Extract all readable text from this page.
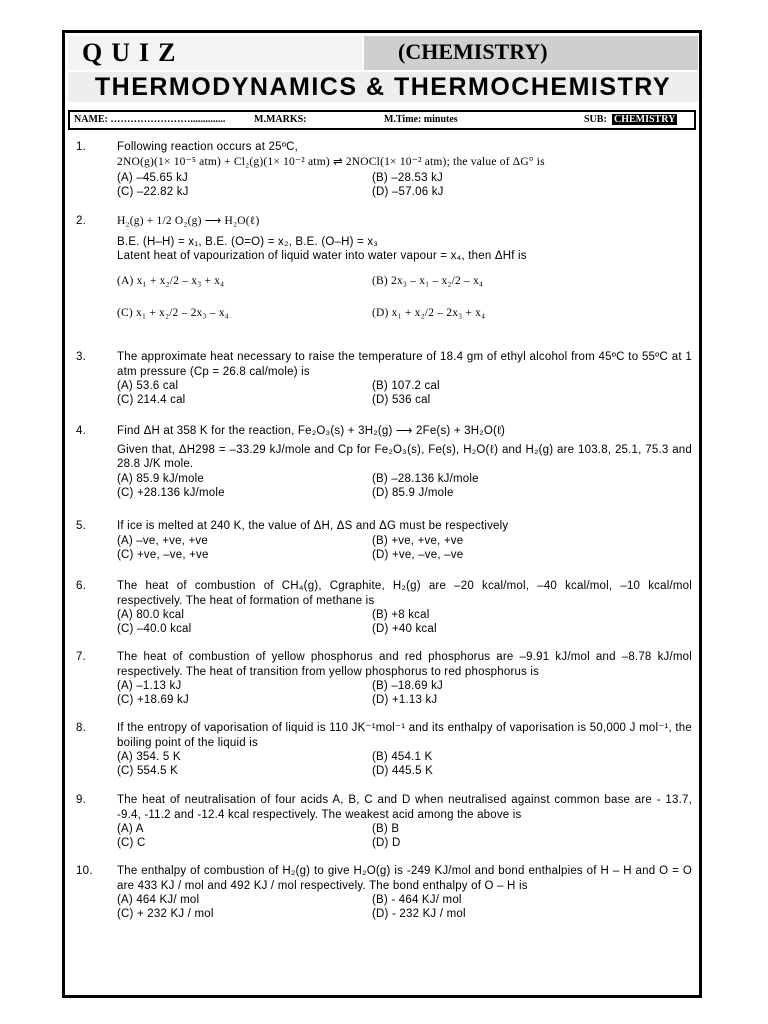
QUIZ	(CHEMISTRY)
THERMODYNAMICS & THERMOCHEMISTRY
NAME: ……………………..............	M.MARKS:	M.Time: minutes	SUB: CHEMISTRY
1.	Following reaction occurs at 25ºC,
2NO(g)(1× 10⁻⁵ atm) + Cl₂(g)(1× 10⁻² atm) ⇌ 2NOCl(1× 10⁻² atm); the value of ΔG° is
(A) –45.65 kJ	(B) –28.53 kJ
(C) –22.82 kJ	(D) –57.06 kJ
2.	H₂(g) + 1/2 O₂(g) ⟶ H₂O(ℓ)
B.E. (H–H) = x₁, B.E. (O=O) = x₂, B.E. (O–H) = x₃
Latent heat of vapourization of liquid water into water vapour = x₄, then ΔHf is
(A) x₁ + x₂/2 – x₃ + x₄	(B) 2x₃ – x₁ – x₂/2 – x₄
(C) x₁ + x₂/2 – 2x₃ – x₄	(D) x₁ + x₂/2 – 2x₃ + x₄
3.	The approximate heat necessary to raise the temperature of 18.4 gm of ethyl alcohol from 45ºC to 55ºC at 1 atm pressure (Cp = 26.8 cal/mole) is
(A) 53.6 cal	(B) 107.2 cal
(C) 214.4 cal	(D) 536 cal
4.	Find ΔH at 358 K for the reaction, Fe₂O₃(s) + 3H₂(g) ⟶ 2Fe(s) + 3H₂O(ℓ)
Given that, ΔH298 = –33.29 kJ/mole and Cp for Fe₂O₃(s), Fe(s), H₂O(ℓ) and H₂(g) are 103.8, 25.1, 75.3 and 28.8 J/K mole.
(A) 85.9 kJ/mole	(B) –28.136 kJ/mole
(C) +28.136 kJ/mole	(D) 85.9 J/mole
5.	If ice is melted at 240 K, the value of ΔH, ΔS and ΔG must be respectively
(A) –ve, +ve, +ve	(B) +ve, +ve, +ve
(C) +ve, –ve, +ve	(D) +ve, –ve, –ve
6.	The heat of combustion of CH₄(g), Cgraphite, H₂(g) are –20 kcal/mol, –40 kcal/mol, –10 kcal/mol respectively. The heat of formation of methane is
(A) 80.0 kcal	(B) +8 kcal
(C) –40.0 kcal	(D) +40 kcal
7.	The heat of combustion of yellow phosphorus and red phosphorus are –9.91 kJ/mol and –8.78 kJ/mol respectively. The heat of transition from yellow phosphorus to red phosphorus is
(A) –1.13 kJ	(B) –18.69 kJ
(C) +18.69 kJ	(D) +1.13 kJ
8.	If the entropy of vaporisation of liquid is 110 JK⁻¹mol⁻¹ and its enthalpy of vaporisation is 50,000 J mol⁻¹, the boiling point of the liquid is
(A) 354. 5 K	(B) 454.1 K
(C) 554.5 K	(D) 445.5 K
9.	The heat of neutralisation of four acids A, B, C and D when neutralised against common base are - 13.7, -9.4, -11.2 and -12.4 kcal respectively. The weakest acid among the above is
(A) A	(B) B
(C) C	(D) D
10. The enthalpy of combustion of H₂(g) to give H₂O(g) is -249 KJ/mol and bond enthalpies of H – H and O = O are 433 KJ / mol and 492 KJ / mol respectively. The bond enthalpy of O – H is
(A) 464 KJ/ mol	(B) - 464 KJ/ mol
(C) + 232 KJ / mol	(D) - 232 KJ / mol
